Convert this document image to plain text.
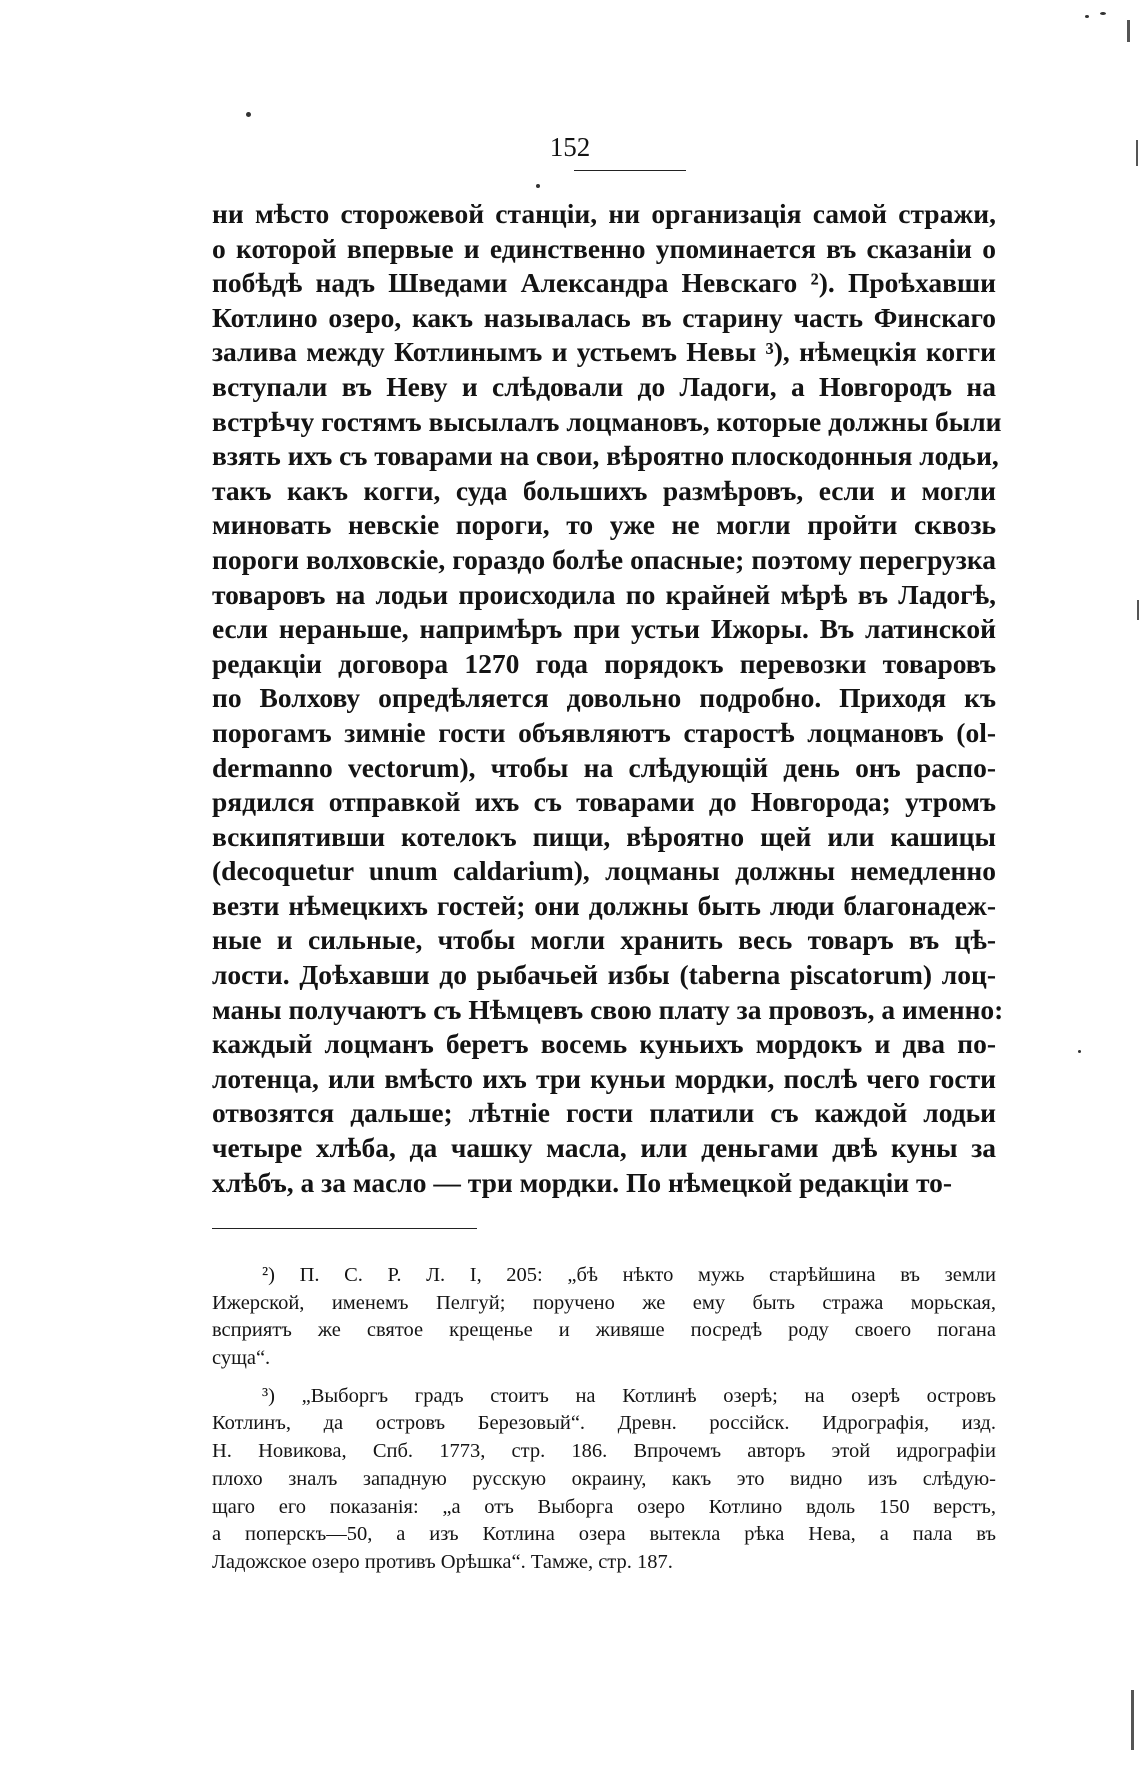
152
ни мѣсто сторожевой станціи, ни организація самой стражи,
о которой впервые и единственно упоминается въ сказаніи о
побѣдѣ надъ Шведами Александра Невскаго ²). Проѣхавши
Котлино озеро, какъ называлась въ старину часть Финскаго
залива между Котлинымъ и устьемъ Невы ³), нѣмецкія когги
вступали въ Неву и слѣдовали до Ладоги, а Новгородъ на
встрѣчу гостямъ высылалъ лоцмановъ, которые должны были
взять ихъ съ товарами на свои, вѣроятно плоскодонныя лодьи,
такъ какъ когги, суда большихъ размѣровъ, если и могли
миновать невскіе пороги, то уже не могли пройти сквозь
пороги волховскіе, гораздо болѣе опасные; поэтому перегрузка
товаровъ на лодьи происходила по крайней мѣрѣ въ Ладогѣ,
если нераньше, напримѣръ при устьи Ижоры. Въ латинской
редакціи договора 1270 года порядокъ перевозки товаровъ
по Волхову опредѣляется довольно подробно. Приходя къ
порогамъ зимніе гости объявляютъ старостѣ лоцмановъ (ol-
dermanno vectorum), чтобы на слѣдующій день онъ распо-
рядился отправкой ихъ съ товарами до Новгорода; утромъ
вскипятивши котелокъ пищи, вѣроятно щей или кашицы
(decoquetur unum caldarium), лоцманы должны немедленно
везти нѣмецкихъ гостей; они должны быть люди благонадеж-
ные и сильные, чтобы могли хранить весь товаръ въ цѣ-
лости. Доѣхавши до рыбачьей избы (taberna piscatorum) лоц-
маны получаютъ съ Нѣмцевъ свою плату за провозъ, а именно:
каждый лоцманъ беретъ восемь куньихъ мордокъ и два по-
лотенца, или вмѣсто ихъ три куньи мордки, послѣ чего гости
отвозятся дальше; лѣтніе гости платили съ каждой лодьи
четыре хлѣба, да чашку масла, или деньгами двѣ куны за
хлѣбъ, а за масло — три мордки. По нѣмецкой редакціи то-
²) П. С. Р. Л. I, 205: „бѣ нѣкто мужь старѣйшина въ земли
Ижерской, именемъ Пелгуй; поручено же ему быть стража морьская,
всприятъ же святое крещенье и живяше посредѣ роду своего погана
суща“.
³) „Выборгъ градъ стоитъ на Котлинѣ озерѣ; на озерѣ островъ
Котлинъ, да островъ Березовый“. Древн. россійск. Идрографія, изд.
Н. Новикова, Спб. 1773, стр. 186. Впрочемъ авторъ этой идрографіи
плохо зналъ западную русскую окраину, какъ это видно изъ слѣдую-
щаго его показанія: „а отъ Выборга озеро Котлино вдоль 150 верстъ,
а поперскъ—50, а изъ Котлина озера вытекла рѣка Нева, а пала въ
Ладожское озеро противъ Орѣшка“. Тамже, стр. 187.
